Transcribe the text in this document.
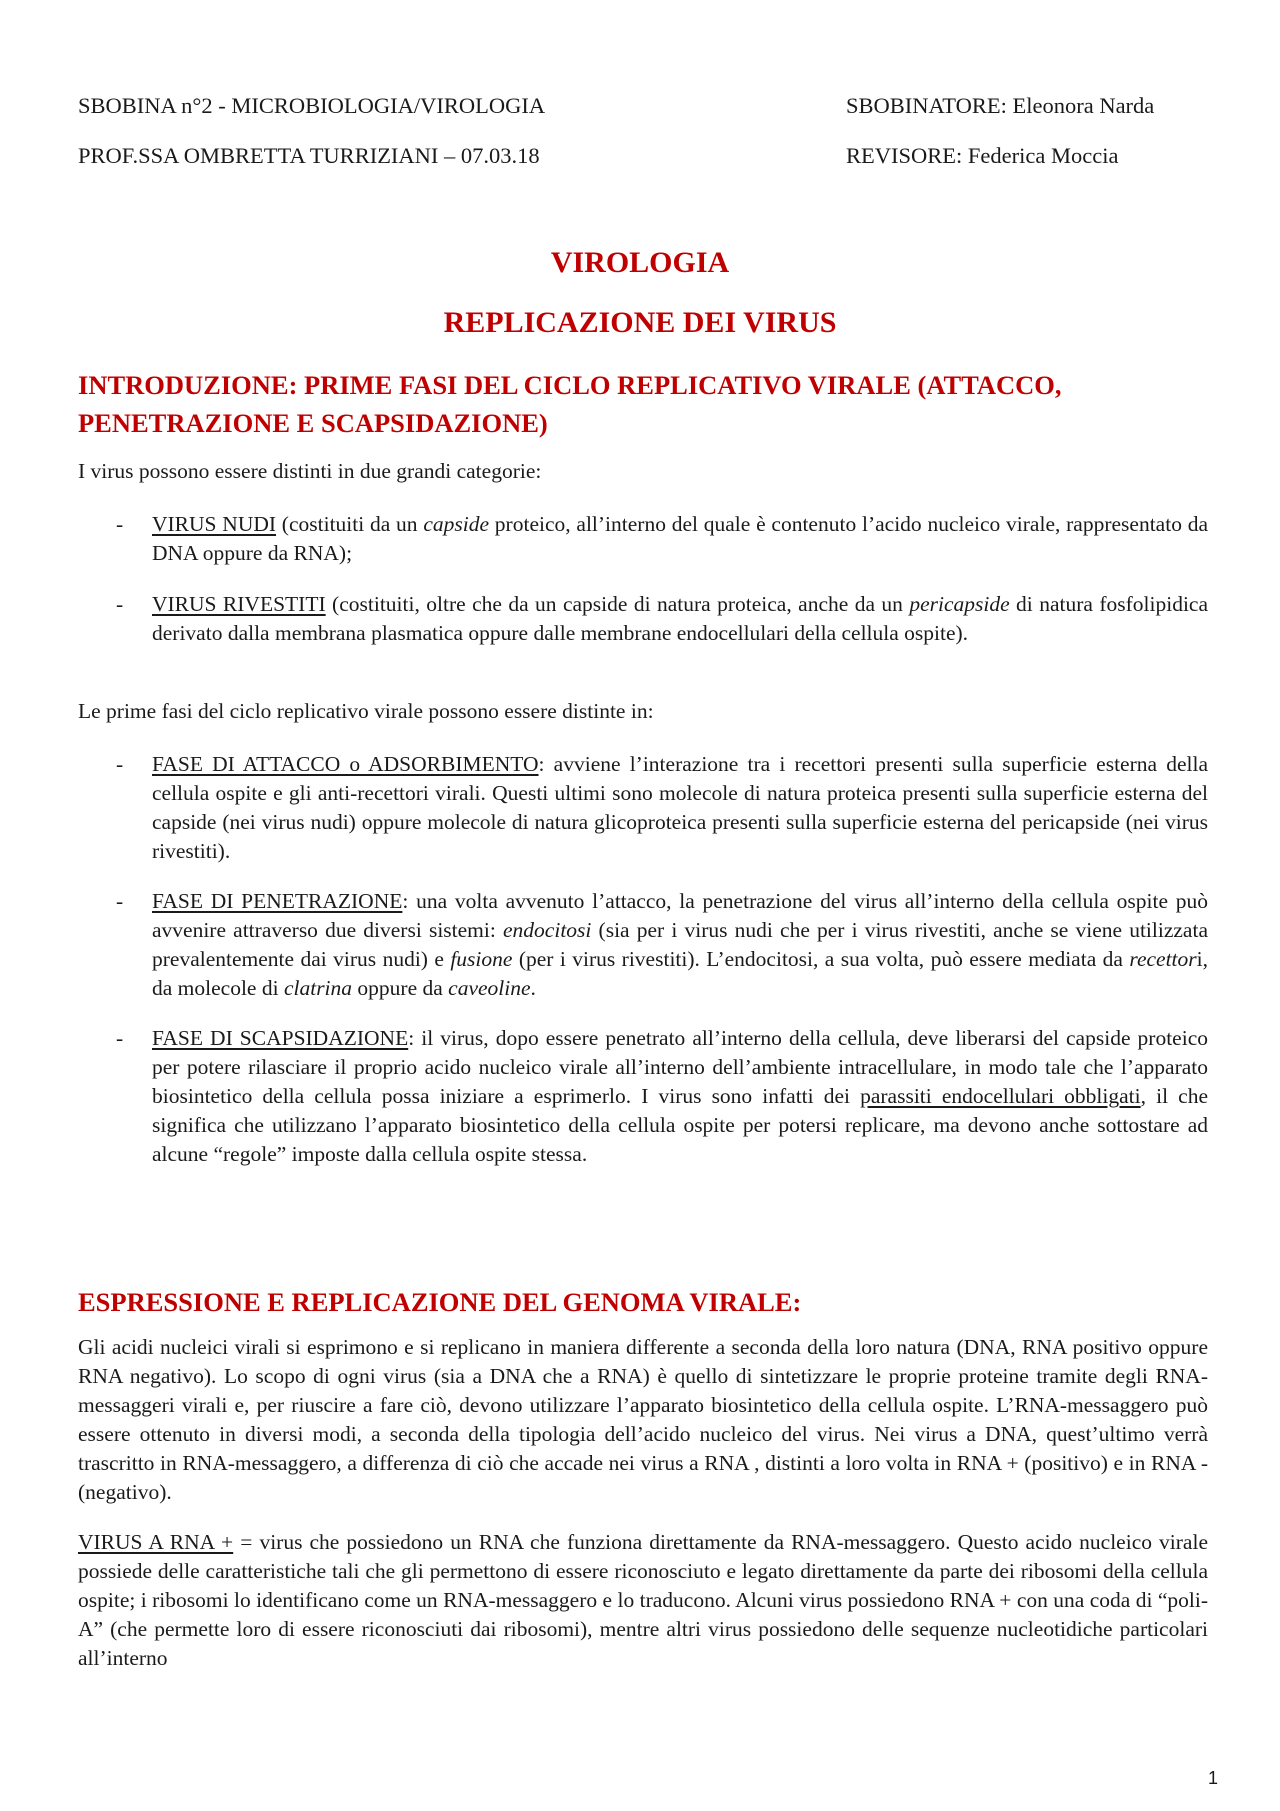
SBOBINA n°2 - MICROBIOLOGIA/VIROLOGIA
PROF.SSA OMBRETTA TURRIZIANI – 07.03.18
SBOBINATORE: Eleonora Narda
REVISORE: Federica Moccia
VIROLOGIA
REPLICAZIONE DEI VIRUS
INTRODUZIONE: PRIME FASI DEL CICLO REPLICATIVO VIRALE (ATTACCO, PENETRAZIONE E SCAPSIDAZIONE)
I virus possono essere distinti in due grandi categorie:
- VIRUS NUDI (costituiti da un capside proteico, all’interno del quale è contenuto l’acido nucleico virale, rappresentato da DNA oppure da RNA);
- VIRUS RIVESTITI (costituiti, oltre che da un capside di natura proteica, anche da un pericapside di natura fosfolipidica derivato dalla membrana plasmatica oppure dalle membrane endocellulari della cellula ospite).
Le prime fasi del ciclo replicativo virale possono essere distinte in:
- FASE DI ATTACCO o ADSORBIMENTO: avviene l’interazione tra i recettori presenti sulla superficie esterna della cellula ospite e gli anti-recettori virali. Questi ultimi sono molecole di natura proteica presenti sulla superficie esterna del capside (nei virus nudi) oppure molecole di natura glicoproteica presenti sulla superficie esterna del pericapside (nei virus rivestiti).
- FASE DI PENETRAZIONE: una volta avvenuto l’attacco, la penetrazione del virus all’interno della cellula ospite può avvenire attraverso due diversi sistemi: endocitosi (sia per i virus nudi che per i virus rivestiti, anche se viene utilizzata prevalentemente dai virus nudi) e fusione (per i virus rivestiti). L’endocitosi, a sua volta, può essere mediata da recettori, da molecole di clatrina oppure da caveoline.
- FASE DI SCAPSIDAZIONE: il virus, dopo essere penetrato all’interno della cellula, deve liberarsi del capside proteico per potere rilasciare il proprio acido nucleico virale all’interno dell’ambiente intracellulare, in modo tale che l’apparato biosintetico della cellula possa iniziare a esprimerlo. I virus sono infatti dei parassiti endocellulari obbligati, il che significa che utilizzano l’apparato biosintetico della cellula ospite per potersi replicare, ma devono anche sottostare ad alcune “regole” imposte dalla cellula ospite stessa.
ESPRESSIONE E REPLICAZIONE DEL GENOMA VIRALE:
Gli acidi nucleici virali si esprimono e si replicano in maniera differente a seconda della loro natura (DNA, RNA positivo oppure RNA negativo). Lo scopo di ogni virus (sia a DNA che a RNA) è quello di sintetizzare le proprie proteine tramite degli RNA-messaggeri virali e, per riuscire a fare ciò, devono utilizzare l’apparato biosintetico della cellula ospite. L’RNA-messaggero può essere ottenuto in diversi modi, a seconda della tipologia dell’acido nucleico del virus. Nei virus a DNA, quest’ultimo verrà trascritto in RNA-messaggero, a differenza di ciò che accade nei virus a RNA , distinti a loro volta in RNA + (positivo) e in RNA - (negativo).
VIRUS A RNA + = virus che possiedono un RNA che funziona direttamente da RNA-messaggero. Questo acido nucleico virale possiede delle caratteristiche tali che gli permettono di essere riconosciuto e legato direttamente da parte dei ribosomi della cellula ospite; i ribosomi lo identificano come un RNA-messaggero e lo traducono. Alcuni virus possiedono RNA + con una coda di “poli-A” (che permette loro di essere riconosciuti dai ribosomi), mentre altri virus possiedono delle sequenze nucleotidiche particolari all’interno
1
